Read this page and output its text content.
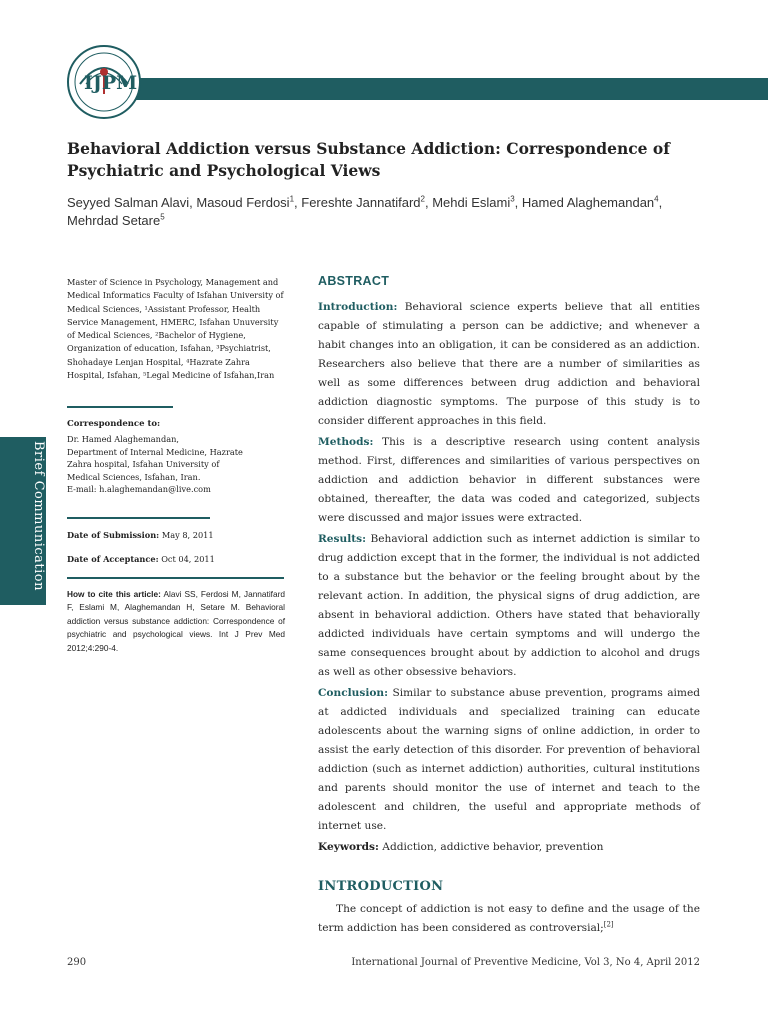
IJPM
Behavioral Addiction versus Substance Addiction: Correspondence of Psychiatric and Psychological Views
Seyyed Salman Alavi, Masoud Ferdosi$^1$, Fereshte Jannatifard$^2$, Mehdi Eslami$^3$, Hamed Alaghemandan$^4$, Mehrdad Setare$^5$
Master of Science in Psychology, Management and Medical Informatics Faculty of Isfahan University of Medical Sciences, ¹Assistant Professor, Health Service Management, HMERC, Isfahan Unuversity of Medical Sciences, ²Bachelor of Hygiene, Organization of education, Isfahan, ³Psychiatrist, Shohadaye Lenjan Hospital, ⁴Hazrate Zahra Hospital, Isfahan, ⁵Legal Medicine of Isfahan,Iran
Correspondence to:
Dr. Hamed Alaghemandan,
Department of Internal Medicine, Hazrate
Zahra hospital, Isfahan University of
Medical Sciences, Isfahan, Iran.
E-mail: h.alaghemandan@live.com
Date of Submission: May 8, 2011
Date of Acceptance: Oct 04, 2011
How to cite this article: Alavi SS, Ferdosi M, Jannatifard F, Eslami M, Alaghemandan H, Setare M. Behavioral addiction versus substance addiction: Correspondence of psychiatric and psychological views. Int J Prev Med 2012;4:290-4.
Brief Communication
ABSTRACT

Introduction: Behavioral science experts believe that all entities capable of stimulating a person can be addictive; and whenever a habit changes into an obligation, it can be considered as an addiction. Researchers also believe that there are a number of similarities as well as some differences between drug addiction and behavioral addiction diagnostic symptoms. The purpose of this study is to consider different approaches in this field.

Methods: This is a descriptive research using content analysis method. First, differences and similarities of various perspectives on addiction and addiction behavior in different substances were obtained, thereafter, the data was coded and categorized, subjects were discussed and major issues were extracted.

Results: Behavioral addiction such as internet addiction is similar to drug addiction except that in the former, the individual is not addicted to a substance but the behavior or the feeling brought about by the relevant action. In addition, the physical signs of drug addiction, are absent in behavioral addiction. Others have stated that behaviorally addicted individuals have certain symptoms and will undergo the same consequences brought about by addiction to alcohol and drugs as well as other obsessive behaviors.

Conclusion: Similar to substance abuse prevention, programs aimed at addicted individuals and specialized training can educate adolescents about the warning signs of online addiction, in order to assist the early detection of this disorder. For prevention of behavioral addiction (such as internet addiction) authorities, cultural institutions and parents should monitor the use of internet and teach to the adolescent and children, the useful and appropriate methods of internet use.

Keywords: Addiction, addictive behavior, prevention

INTRODUCTION
The concept of addiction is not easy to define and the usage of the term addiction has been considered as controversial;[2]
290	International Journal of Preventive Medicine, Vol 3, No 4, April 2012
